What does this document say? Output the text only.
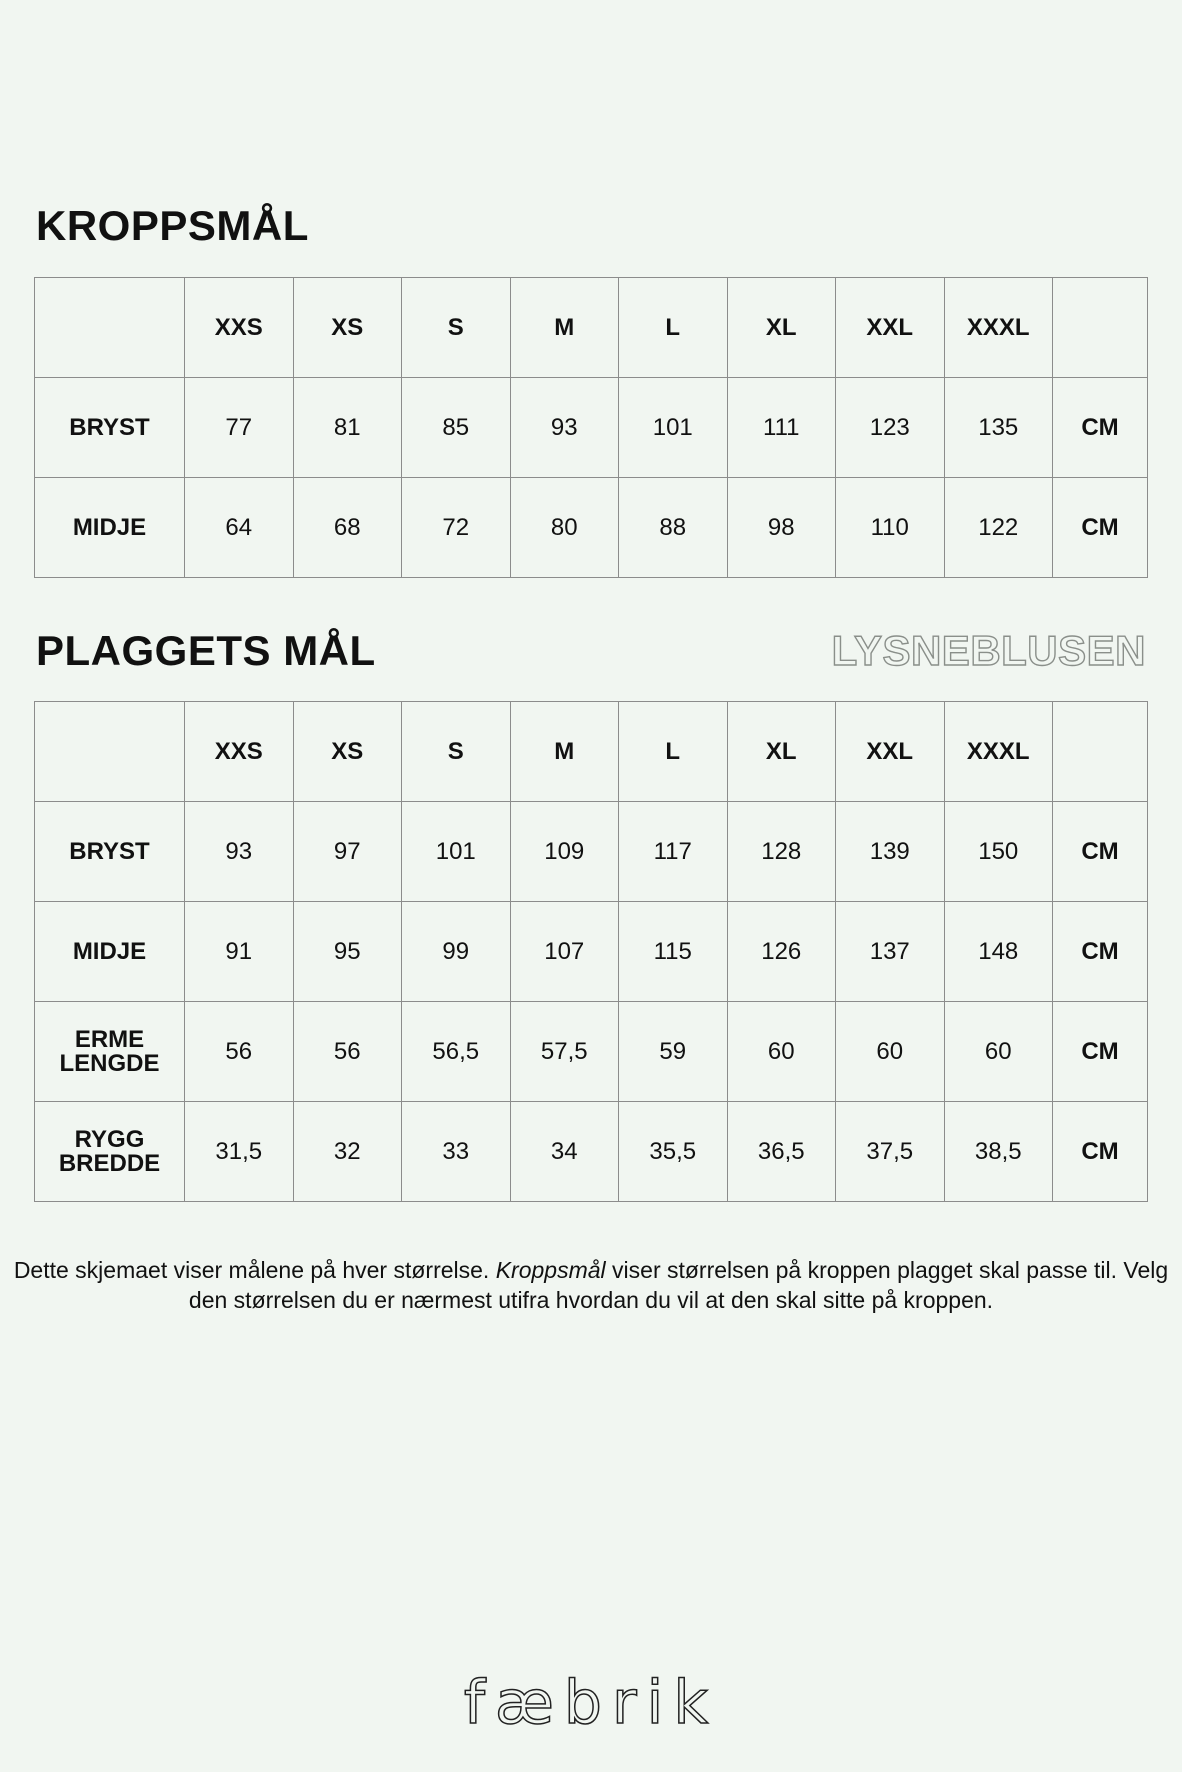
KROPPSMÅL
	XXS	XS	S	M	L	XL	XXL	XXXL	
BRYST	77	81	85	93	101	111	123	135	CM
MIDJE	64	68	72	80	88	98	110	122	CM
PLAGGETS MÅL	LYSNEBLUSEN
	XXS	XS	S	M	L	XL	XXL	XXXL	
BRYST	93	97	101	109	117	128	139	150	CM
MIDJE	91	95	99	107	115	126	137	148	CM
ERME LENGDE	56	56	56,5	57,5	59	60	60	60	CM
RYGG BREDDE	31,5	32	33	34	35,5	36,5	37,5	38,5	CM

Dette skjemaet viser målene på hver størrelse. Kroppsmål viser størrelsen på kroppen plagget skal passe til. Velg den størrelsen du er nærmest utifra hvordan du vil at den skal sitte på kroppen.

fæbrik
